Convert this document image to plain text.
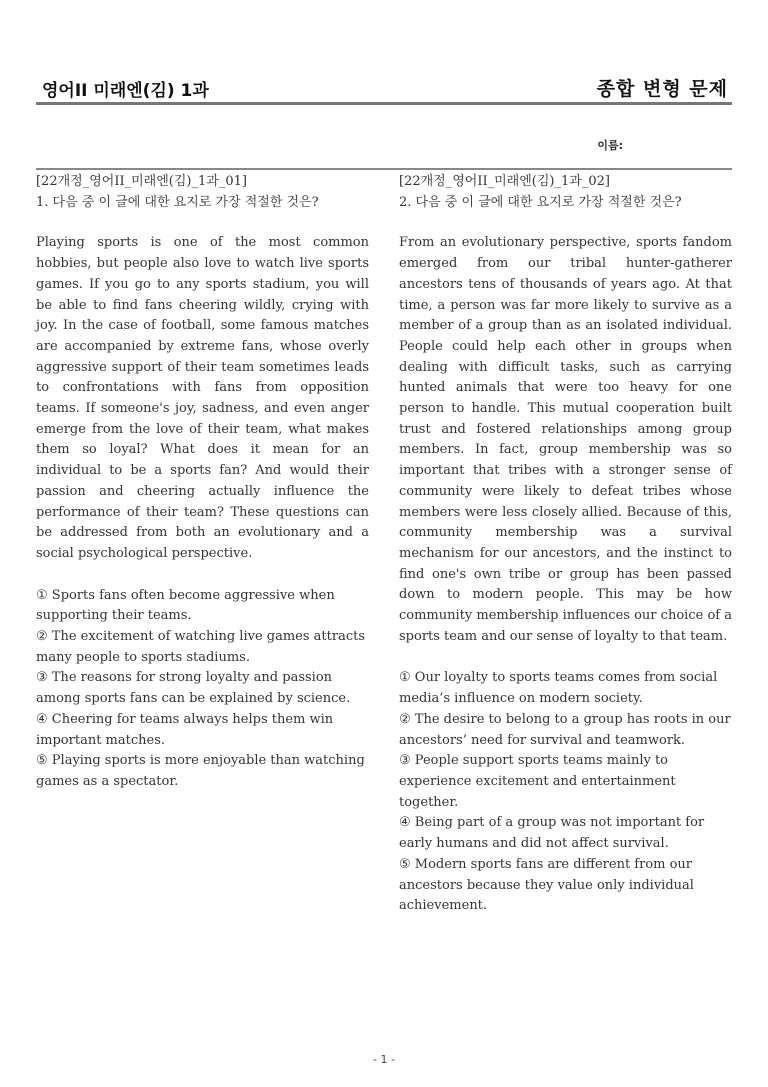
영어II 미래엔(김) 1과	종합 변형 문제
이름:
[22개정_영어II_미래엔(김)_1과_01]
1. 다음 중 이 글에 대한 요지로 가장 적절한 것은?
Playing sports is one of the most common hobbies, but people also love to watch live sports games. If you go to any sports stadium, you will be able to find fans cheering wildly, crying with joy. In the case of football, some famous matches are accompanied by extreme fans, whose overly aggressive support of their team sometimes leads to confrontations with fans from opposition teams. If someone's joy, sadness, and even anger emerge from the love of their team, what makes them so loyal? What does it mean for an individual to be a sports fan? And would their passion and cheering actually influence the performance of their team? These questions can be addressed from both an evolutionary and a social psychological perspective.

① Sports fans often become aggressive when supporting their teams.

② The excitement of watching live games attracts many people to sports stadiums.

③ The reasons for strong loyalty and passion among sports fans can be explained by science.

④ Cheering for teams always helps them win important matches.

⑤ Playing sports is more enjoyable than watching games as a spectator.

[22개정_영어II_미래엔(김)_1과_02]
2. 다음 중 이 글에 대한 요지로 가장 적절한 것은?
From an evolutionary perspective, sports fandom emerged from our tribal hunter-gatherer ancestors tens of thousands of years ago. At that time, a person was far more likely to survive as a member of a group than as an isolated individual. People could help each other in groups when dealing with difficult tasks, such as carrying hunted animals that were too heavy for one person to handle. This mutual cooperation built trust and fostered relationships among group members. In fact, group membership was so important that tribes with a stronger sense of community were likely to defeat tribes whose members were less closely allied. Because of this, community membership was a survival mechanism for our ancestors, and the instinct to find one's own tribe or group has been passed down to modern people. This may be how community membership influences our choice of a sports team and our sense of loyalty to that team.

① Our loyalty to sports teams comes from social media’s influence on modern society.

② The desire to belong to a group has roots in our ancestors’ need for survival and teamwork.

③ People support sports teams mainly to experience excitement and entertainment together.

④ Being part of a group was not important for early humans and did not affect survival.

⑤ Modern sports fans are different from our ancestors because they value only individual achievement.

- 1 -
